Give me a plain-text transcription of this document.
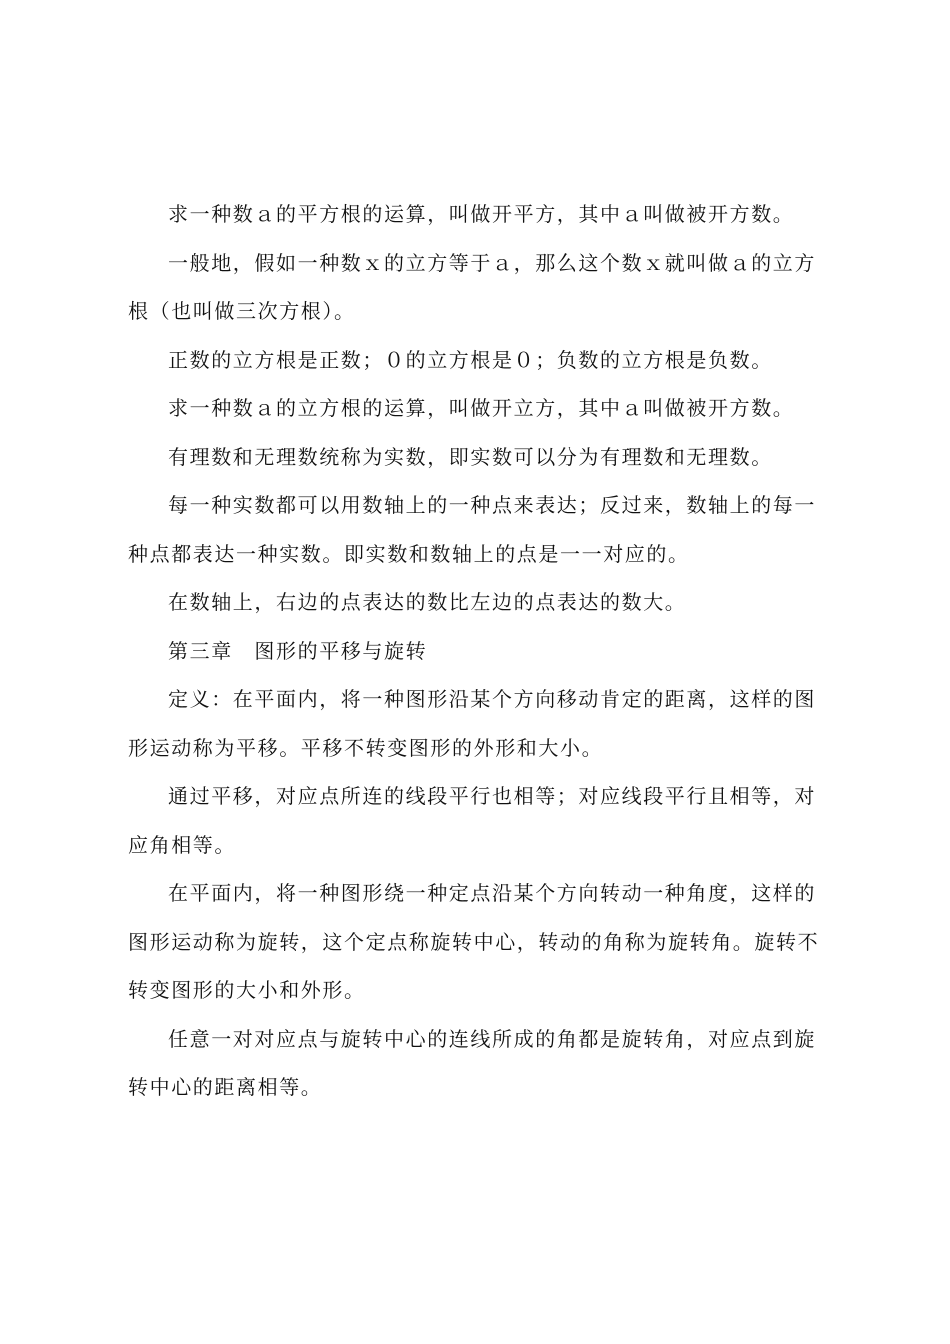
求一种数ａ的平方根的运算，叫做开平方，其中ａ叫做被开方数。

一般地，假如一种数ｘ的立方等于ａ，那么这个数ｘ就叫做ａ的立方根（也叫做三次方根）。

正数的立方根是正数；０的立方根是０；负数的立方根是负数。

求一种数ａ的立方根的运算，叫做开立方，其中ａ叫做被开方数。

有理数和无理数统称为实数，即实数可以分为有理数和无理数。

每一种实数都可以用数轴上的一种点来表达；反过来，数轴上的每一种点都表达一种实数。即实数和数轴上的点是一一对应的。

在数轴上，右边的点表达的数比左边的点表达的数大。

第三章　图形的平移与旋转

定义：在平面内，将一种图形沿某个方向移动肯定的距离，这样的图形运动称为平移。平移不转变图形的外形和大小。

通过平移，对应点所连的线段平行也相等；对应线段平行且相等，对应角相等。

在平面内，将一种图形绕一种定点沿某个方向转动一种角度，这样的图形运动称为旋转，这个定点称旋转中心，转动的角称为旋转角。旋转不转变图形的大小和外形。

任意一对对应点与旋转中心的连线所成的角都是旋转角，对应点到旋转中心的距离相等。
